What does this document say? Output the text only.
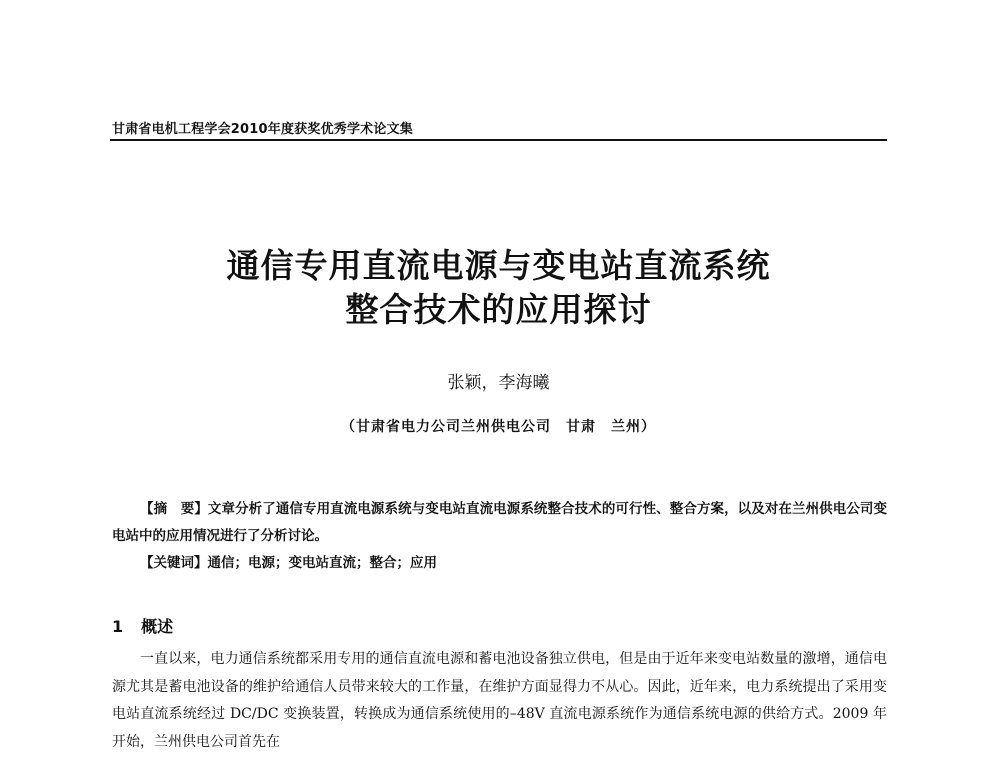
甘肃省电机工程学会2010年度获奖优秀学术论文集
通信专用直流电源与变电站直流系统
整合技术的应用探讨
张颖，李海曦
（甘肃省电力公司兰州供电公司　甘肃　兰州）
【摘　要】文章分析了通信专用直流电源系统与变电站直流电源系统整合技术的可行性、整合方案，以及对在兰州供电公司变电站中的应用情况进行了分析讨论。
【关键词】通信；电源；变电站直流；整合；应用
1 概述
一直以来，电力通信系统都采用专用的通信直流电源和蓄电池设备独立供电，但是由于近年来变电站数量的激增，通信电源尤其是蓄电池设备的维护给通信人员带来较大的工作量，在维护方面显得力不从心。因此，近年来，电力系统提出了采用变电站直流系统经过 DC/DC 变换装置，转换成为通信系统使用的–48V 直流电源系统作为通信系统电源的供给方式。2009 年开始，兰州供电公司首先在
